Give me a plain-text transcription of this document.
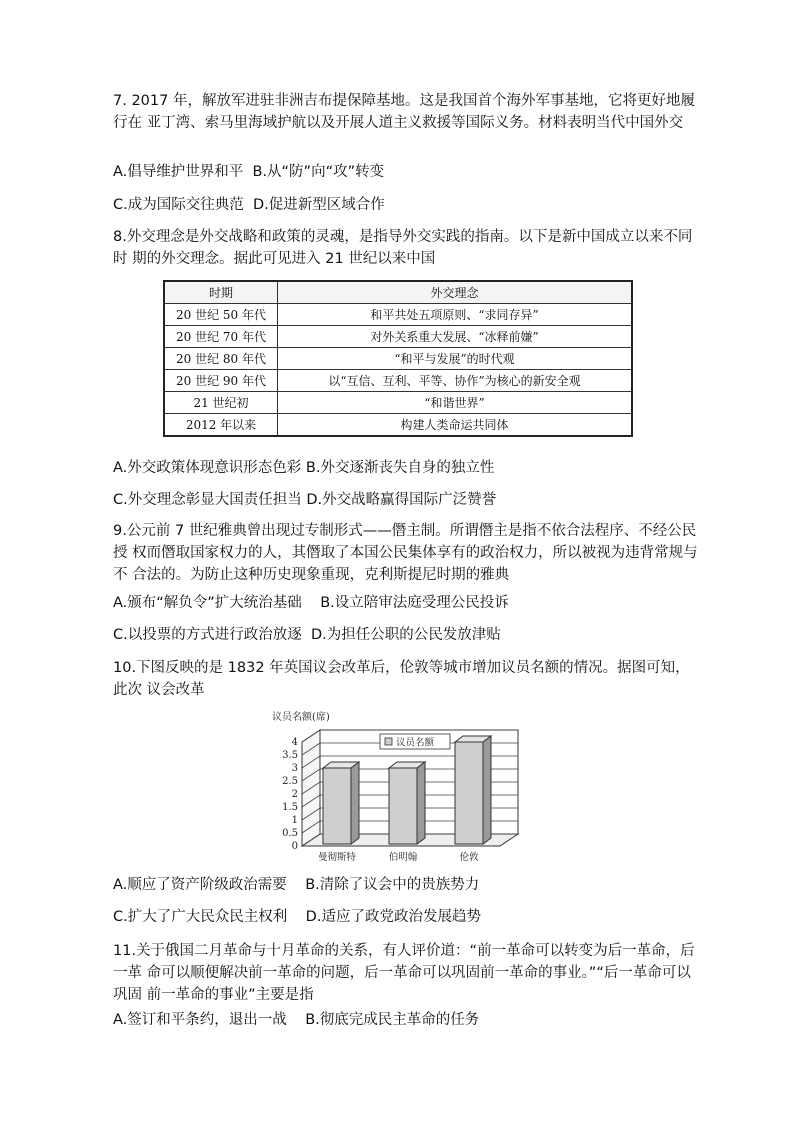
7. 2017 年，解放军进驻非洲吉布提保障基地。这是我国首个海外军事基地，它将更好地履行在 亚丁湾、索马里海域护航以及开展人道主义救援等国际义务。材料表明当代中国外交
A.倡导维护世界和平  B.从“防”向“攻”转变
C.成为国际交往典范  D.促进新型区域合作
8.外交理念是外交战略和政策的灵魂，是指导外交实践的指南。以下是新中国成立以来不同时 期的外交理念。据此可见进入 21 世纪以来中国
时期	外交理念
20 世纪 50 年代	和平共处五项原则、“求同存异”
20 世纪 70 年代	对外关系重大发展、“冰释前嫌”
20 世纪 80 年代	“和平与发展”的时代观
20 世纪 90 年代	以“互信、互利、平等、协作”为核心的新安全观
21 世纪初	“和谐世界”
2012 年以来	构建人类命运共同体
A.外交政策体现意识形态色彩 B.外交逐渐丧失自身的独立性
C.外交理念彰显大国责任担当 D.外交战略赢得国际广泛赞誉
9.公元前 7 世纪雅典曾出现过专制形式——僭主制。所谓僭主是指不依合法程序、不经公民授 权而僭取国家权力的人，其僭取了本国公民集体享有的政治权力，所以被视为违背常规与不 合法的。为防止这种历史现象重现，克利斯提尼时期的雅典
A.颁布“解负令”扩大统治基础    B.设立陪审法庭受理公民投诉
C.以投票的方式进行政治放逐  D.为担任公职的公民发放津贴
10.下图反映的是 1832 年英国议会改革后，伦敦等城市增加议员名额的情况。据图可知，此次 议会改革
议员名额(席)
0
0.5
1
1.5
2
2.5
3
3.5
4
曼彻斯特	伯明翰	伦敦
议员名额
A.顺应了资产阶级政治需要    B.清除了议会中的贵族势力
C.扩大了广大民众民主权利    D.适应了政党政治发展趋势
11.关于俄国二月革命与十月革命的关系，有人评价道：“前一革命可以转变为后一革命，后一革 命可以顺便解决前一革命的问题，后一革命可以巩固前一革命的事业。”“后一革命可以巩固 前一革命的事业”主要是指
A.签订和平条约，退出一战    B.彻底完成民主革命的任务
